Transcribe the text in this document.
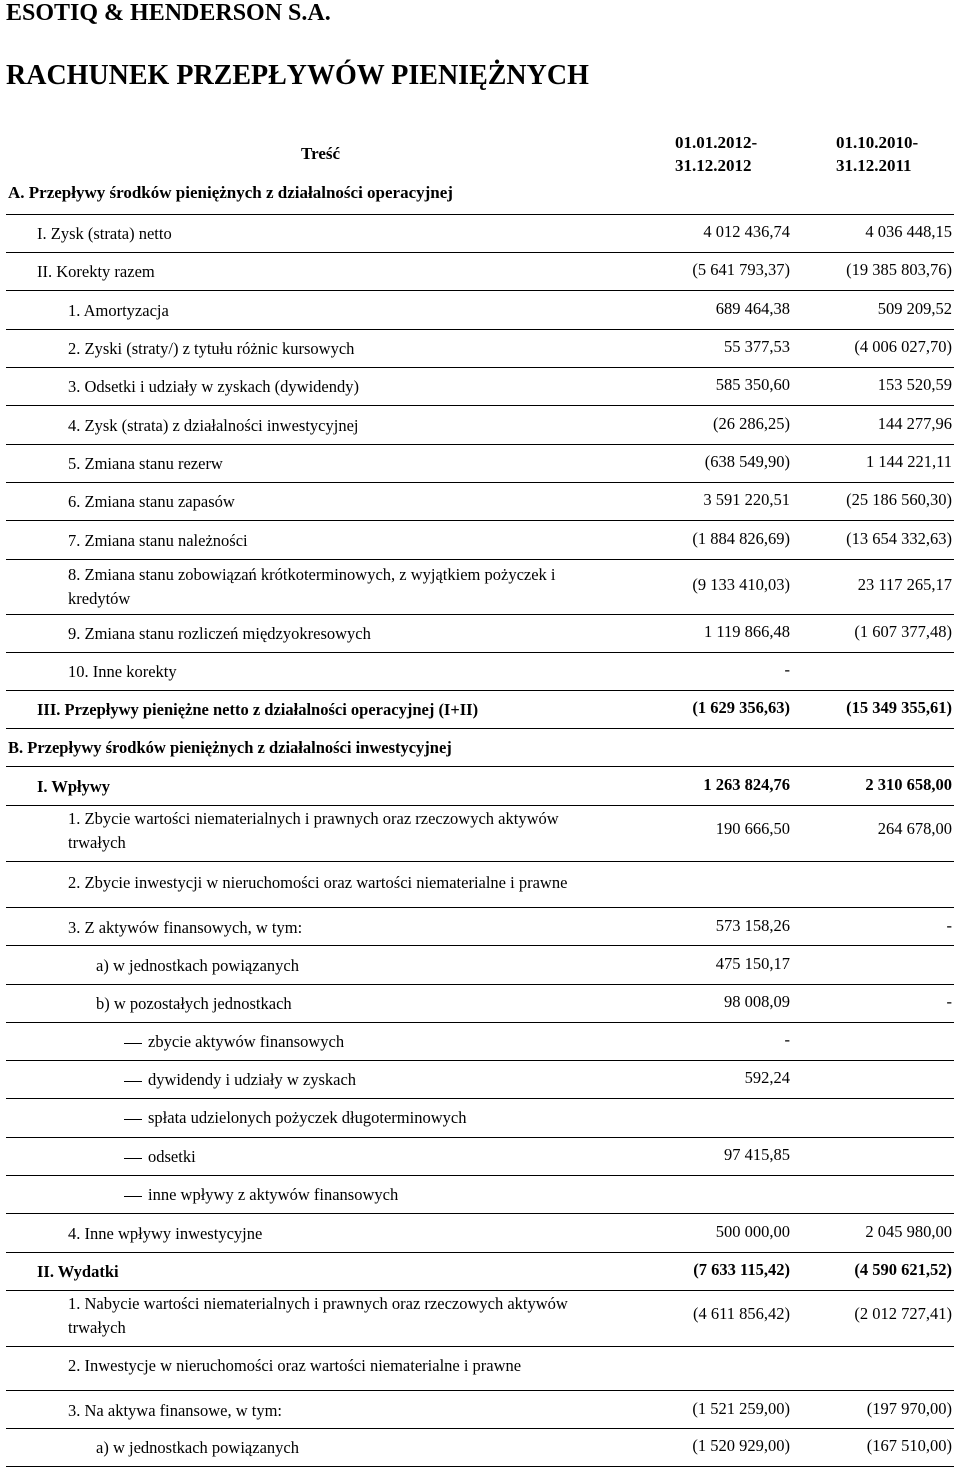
ESOTIQ & HENDERSON S.A.
RACHUNEK PRZEPŁYWÓW PIENIĘŻNYCH
Treść
01.01.2012-
31.12.2012
01.10.2010-
31.12.2011
A. Przepływy środków pieniężnych z działalności operacyjnej
I. Zysk (strata) netto	4 012 436,74	4 036 448,15
II. Korekty razem	(5 641 793,37)	(19 385 803,76)
1. Amortyzacja	689 464,38	509 209,52
2. Zyski (straty/) z tytułu różnic kursowych	55 377,53	(4 006 027,70)
3. Odsetki i udziały w zyskach (dywidendy)	585 350,60	153 520,59
4. Zysk (strata) z działalności inwestycyjnej	(26 286,25)	144 277,96
5. Zmiana stanu rezerw	(638 549,90)	1 144 221,11
6. Zmiana stanu zapasów	3 591 220,51	(25 186 560,30)
7. Zmiana stanu należności	(1 884 826,69)	(13 654 332,63)
8. Zmiana stanu zobowiązań krótkoterminowych, z wyjątkiem pożyczek i
kredytów
(9 133 410,03)	23 117 265,17
9. Zmiana stanu rozliczeń międzyokresowych	1 119 866,48	(1 607 377,48)
10. Inne korekty	-
III. Przepływy pieniężne netto z działalności operacyjnej (I+II)	(1 629 356,63)	(15 349 355,61)
B. Przepływy środków pieniężnych z działalności inwestycyjnej
I. Wpływy	1 263 824,76	2 310 658,00
1. Zbycie wartości niematerialnych i prawnych oraz rzeczowych aktywów
trwałych
190 666,50	264 678,00
2. Zbycie inwestycji w nieruchomości oraz wartości niematerialne i prawne
3. Z aktywów finansowych, w tym:	573 158,26	-
a) w jednostkach powiązanych	475 150,17
b) w pozostałych jednostkach	98 008,09	-
zbycie aktywów finansowych	-
dywidendy i udziały w zyskach	592,24
spłata udzielonych pożyczek długoterminowych
odsetki	97 415,85
inne wpływy z aktywów finansowych
4. Inne wpływy inwestycyjne	500 000,00	2 045 980,00
II. Wydatki	(7 633 115,42)	(4 590 621,52)
1. Nabycie wartości niematerialnych i prawnych oraz rzeczowych aktywów
trwałych
(4 611 856,42)	(2 012 727,41)
2. Inwestycje w nieruchomości oraz wartości niematerialne i prawne
3. Na aktywa finansowe, w tym:	(1 521 259,00)	(197 970,00)
a) w jednostkach powiązanych	(1 520 929,00)	(167 510,00)
